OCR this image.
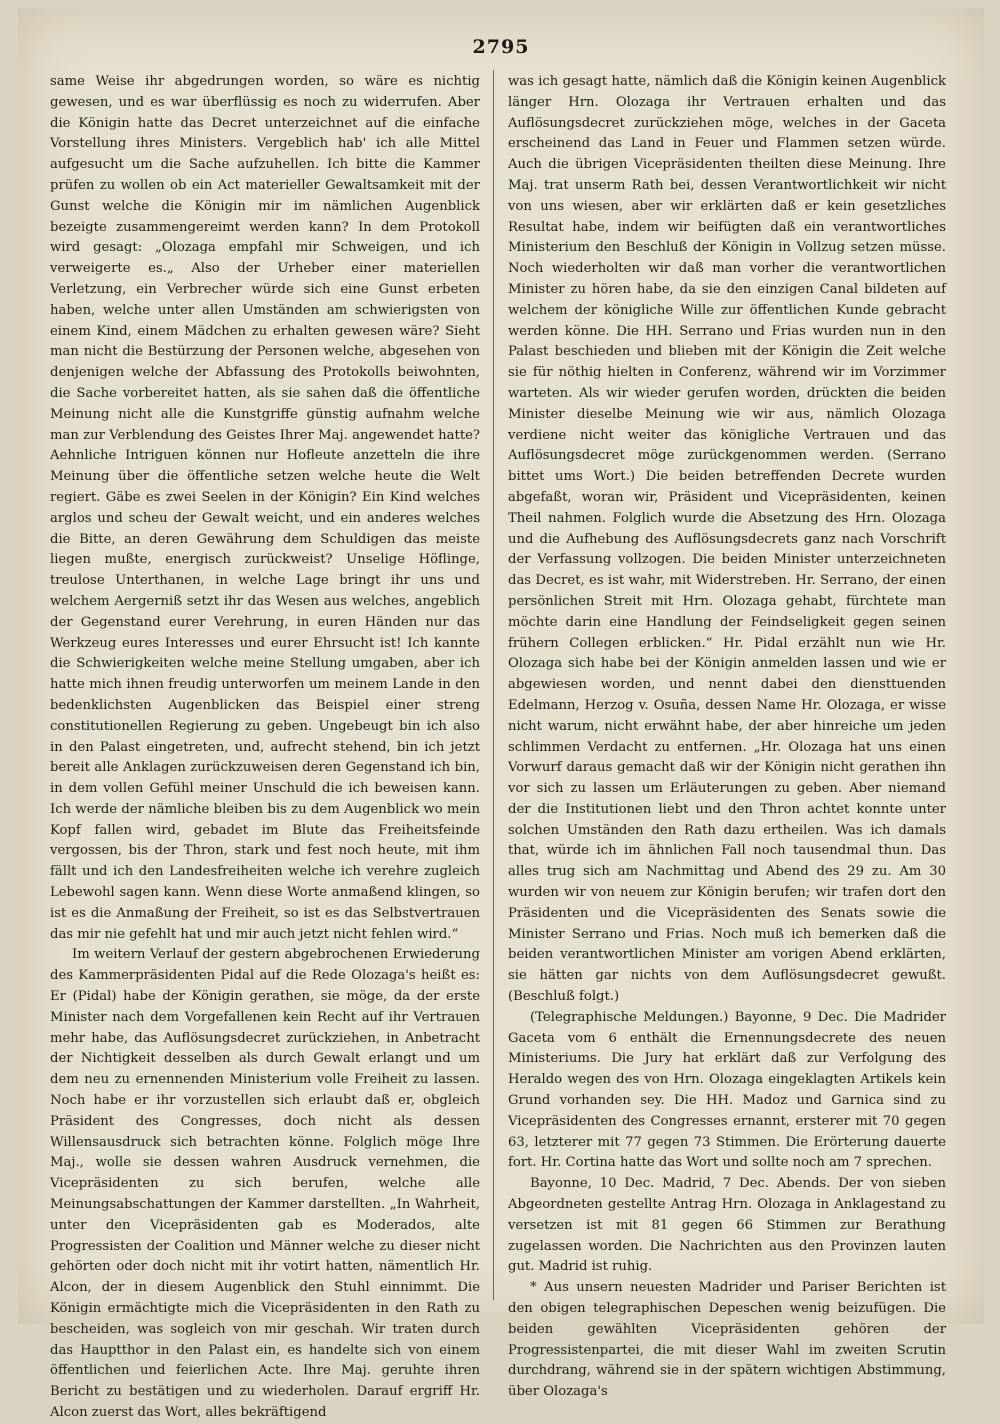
2795

same Weise ihr abgedrungen worden, so wäre es nichtig gewesen, und es war überflüssig es noch zu widerrufen. Aber die Königin hatte das Decret unterzeichnet auf die einfache Vorstellung ihres Ministers. Vergeblich hab' ich alle Mittel aufgesucht um die Sache aufzuhellen. Ich bitte die Kammer prüfen zu wollen ob ein Act materieller Gewaltsamkeit mit der Gunst welche die Königin mir im nämlichen Augenblick bezeigte zusammengereimt werden kann? In dem Protokoll wird gesagt: „Olozaga empfahl mir Schweigen, und ich verweigerte es.„ Also der Urheber einer materiellen Verletzung, ein Verbrecher würde sich eine Gunst erbeten haben, welche unter allen Umständen am schwierigsten von einem Kind, einem Mädchen zu erhalten gewesen wäre? Sieht man nicht die Bestürzung der Personen welche, abgesehen von denjenigen welche der Abfassung des Protokolls beiwohnten, die Sache vorbereitet hatten, als sie sahen daß die öffentliche Meinung nicht alle die Kunstgriffe günstig aufnahm welche man zur Verblendung des Geistes Ihrer Maj. angewendet hatte? Aehnliche Intriguen können nur Hofleute anzetteln die ihre Meinung über die öffentliche setzen welche heute die Welt regiert. Gäbe es zwei Seelen in der Königin? Ein Kind welches arglos und scheu der Gewalt weicht, und ein anderes welches die Bitte, an deren Gewährung dem Schuldigen das meiste liegen mußte, energisch zurückweist? Unselige Höflinge, treulose Unterthanen, in welche Lage bringt ihr uns und welchem Aergerniß setzt ihr das Wesen aus welches, angeblich der Gegenstand eurer Verehrung, in euren Händen nur das Werkzeug eures Interesses und eurer Ehrsucht ist! Ich kannte die Schwierigkeiten welche meine Stellung umgaben, aber ich hatte mich ihnen freudig unterworfen um meinem Lande in den bedenklichsten Augenblicken das Beispiel einer streng constitutionellen Regierung zu geben. Ungebeugt bin ich also in den Palast eingetreten, und, aufrecht stehend, bin ich jetzt bereit alle Anklagen zurückzuweisen deren Gegenstand ich bin, in dem vollen Gefühl meiner Unschuld die ich beweisen kann. Ich werde der nämliche bleiben bis zu dem Augenblick wo mein Kopf fallen wird, gebadet im Blute das Freiheitsfeinde vergossen, bis der Thron, stark und fest noch heute, mit ihm fällt und ich den Landesfreiheiten welche ich verehre zugleich Lebewohl sagen kann. Wenn diese Worte anmaßend klingen, so ist es die Anmaßung der Freiheit, so ist es das Selbstvertrauen das mir nie gefehlt hat und mir auch jetzt nicht fehlen wird.“

Im weitern Verlauf der gestern abgebrochenen Erwiederung des Kammerpräsidenten Pidal auf die Rede Olozaga's heißt es: Er (Pidal) habe der Königin gerathen, sie möge, da der erste Minister nach dem Vorgefallenen kein Recht auf ihr Vertrauen mehr habe, das Auflösungsdecret zurückziehen, in Anbetracht der Nichtigkeit desselben als durch Gewalt erlangt und um dem neu zu ernennenden Ministerium volle Freiheit zu lassen. Noch habe er ihr vorzustellen sich erlaubt daß er, obgleich Präsident des Congresses, doch nicht als dessen Willensausdruck sich betrachten könne. Folglich möge Ihre Maj., wolle sie dessen wahren Ausdruck vernehmen, die Vicepräsidenten zu sich berufen, welche alle Meinungsabschattungen der Kammer darstellten. „In Wahrheit, unter den Vicepräsidenten gab es Moderados, alte Progressisten der Coalition und Männer welche zu dieser nicht gehörten oder doch nicht mit ihr votirt hatten, nämentlich Hr. Alcon, der in diesem Augenblick den Stuhl einnimmt. Die Königin ermächtigte mich die Vicepräsidenten in den Rath zu bescheiden, was sogleich von mir geschah. Wir traten durch das Hauptthor in den Palast ein, es handelte sich von einem öffentlichen und feierlichen Acte. Ihre Maj. geruhte ihren Bericht zu bestätigen und zu wiederholen. Darauf ergriff Hr. Alcon zuerst das Wort, alles bekräftigend

was ich gesagt hatte, nämlich daß die Königin keinen Augenblick länger Hrn. Olozaga ihr Vertrauen erhalten und das Auflösungsdecret zurückziehen möge, welches in der Gaceta erscheinend das Land in Feuer und Flammen setzen würde. Auch die übrigen Vicepräsidenten theilten diese Meinung. Ihre Maj. trat unserm Rath bei, dessen Verantwortlichkeit wir nicht von uns wiesen, aber wir erklärten daß er kein gesetzliches Resultat habe, indem wir beifügten daß ein verantwortliches Ministerium den Beschluß der Königin in Vollzug setzen müsse. Noch wiederholten wir daß man vorher die verantwortlichen Minister zu hören habe, da sie den einzigen Canal bildeten auf welchem der königliche Wille zur öffentlichen Kunde gebracht werden könne. Die HH. Serrano und Frias wurden nun in den Palast beschieden und blieben mit der Königin die Zeit welche sie für nöthig hielten in Conferenz, während wir im Vorzimmer warteten. Als wir wieder gerufen worden, drückten die beiden Minister dieselbe Meinung wie wir aus, nämlich Olozaga verdiene nicht weiter das königliche Vertrauen und das Auflösungsdecret möge zurückgenommen werden. (Serrano bittet ums Wort.) Die beiden betreffenden Decrete wurden abgefaßt, woran wir, Präsident und Vicepräsidenten, keinen Theil nahmen. Folglich wurde die Absetzung des Hrn. Olozaga und die Aufhebung des Auflösungsdecrets ganz nach Vorschrift der Verfassung vollzogen. Die beiden Minister unterzeichneten das Decret, es ist wahr, mit Widerstreben. Hr. Serrano, der einen persönlichen Streit mit Hrn. Olozaga gehabt, fürchtete man möchte darin eine Handlung der Feindseligkeit gegen seinen frühern Collegen erblicken.“ Hr. Pidal erzählt nun wie Hr. Olozaga sich habe bei der Königin anmelden lassen und wie er abgewiesen worden, und nennt dabei den diensttuenden Edelmann, Herzog v. Osuña, dessen Name Hr. Olozaga, er wisse nicht warum, nicht erwähnt habe, der aber hinreiche um jeden schlimmen Verdacht zu entfernen. „Hr. Olozaga hat uns einen Vorwurf daraus gemacht daß wir der Königin nicht gerathen ihn vor sich zu lassen um Erläuterungen zu geben. Aber niemand der die Institutionen liebt und den Thron achtet konnte unter solchen Umständen den Rath dazu ertheilen. Was ich damals that, würde ich im ähnlichen Fall noch tausendmal thun. Das alles trug sich am Nachmittag und Abend des 29 zu. Am 30 wurden wir von neuem zur Königin berufen; wir trafen dort den Präsidenten und die Vicepräsidenten des Senats sowie die Minister Serrano und Frias. Noch muß ich bemerken daß die beiden verantwortlichen Minister am vorigen Abend erklärten, sie hätten gar nichts von dem Auflösungsdecret gewußt. (Beschluß folgt.)

(Telegraphische Meldungen.) Bayonne, 9 Dec. Die Madrider Gaceta vom 6 enthält die Ernennungsdecrete des neuen Ministeriums. Die Jury hat erklärt daß zur Verfolgung des Heraldo wegen des von Hrn. Olozaga eingeklagten Artikels kein Grund vorhanden sey. Die HH. Madoz und Garnica sind zu Vicepräsidenten des Congresses ernannt, ersterer mit 70 gegen 63, letzterer mit 77 gegen 73 Stimmen. Die Erörterung dauerte fort. Hr. Cortina hatte das Wort und sollte noch am 7 sprechen.

Bayonne, 10 Dec. Madrid, 7 Dec. Abends. Der von sieben Abgeordneten gestellte Antrag Hrn. Olozaga in Anklagestand zu versetzen ist mit 81 gegen 66 Stimmen zur Berathung zugelassen worden. Die Nachrichten aus den Provinzen lauten gut. Madrid ist ruhig.

* Aus unsern neuesten Madrider und Pariser Berichten ist den obigen telegraphischen Depeschen wenig beizufügen. Die beiden gewählten Vicepräsidenten gehören der Progressistenpartei, die mit dieser Wahl im zweiten Scrutin durchdrang, während sie in der spätern wichtigen Abstimmung, über Olozaga's
